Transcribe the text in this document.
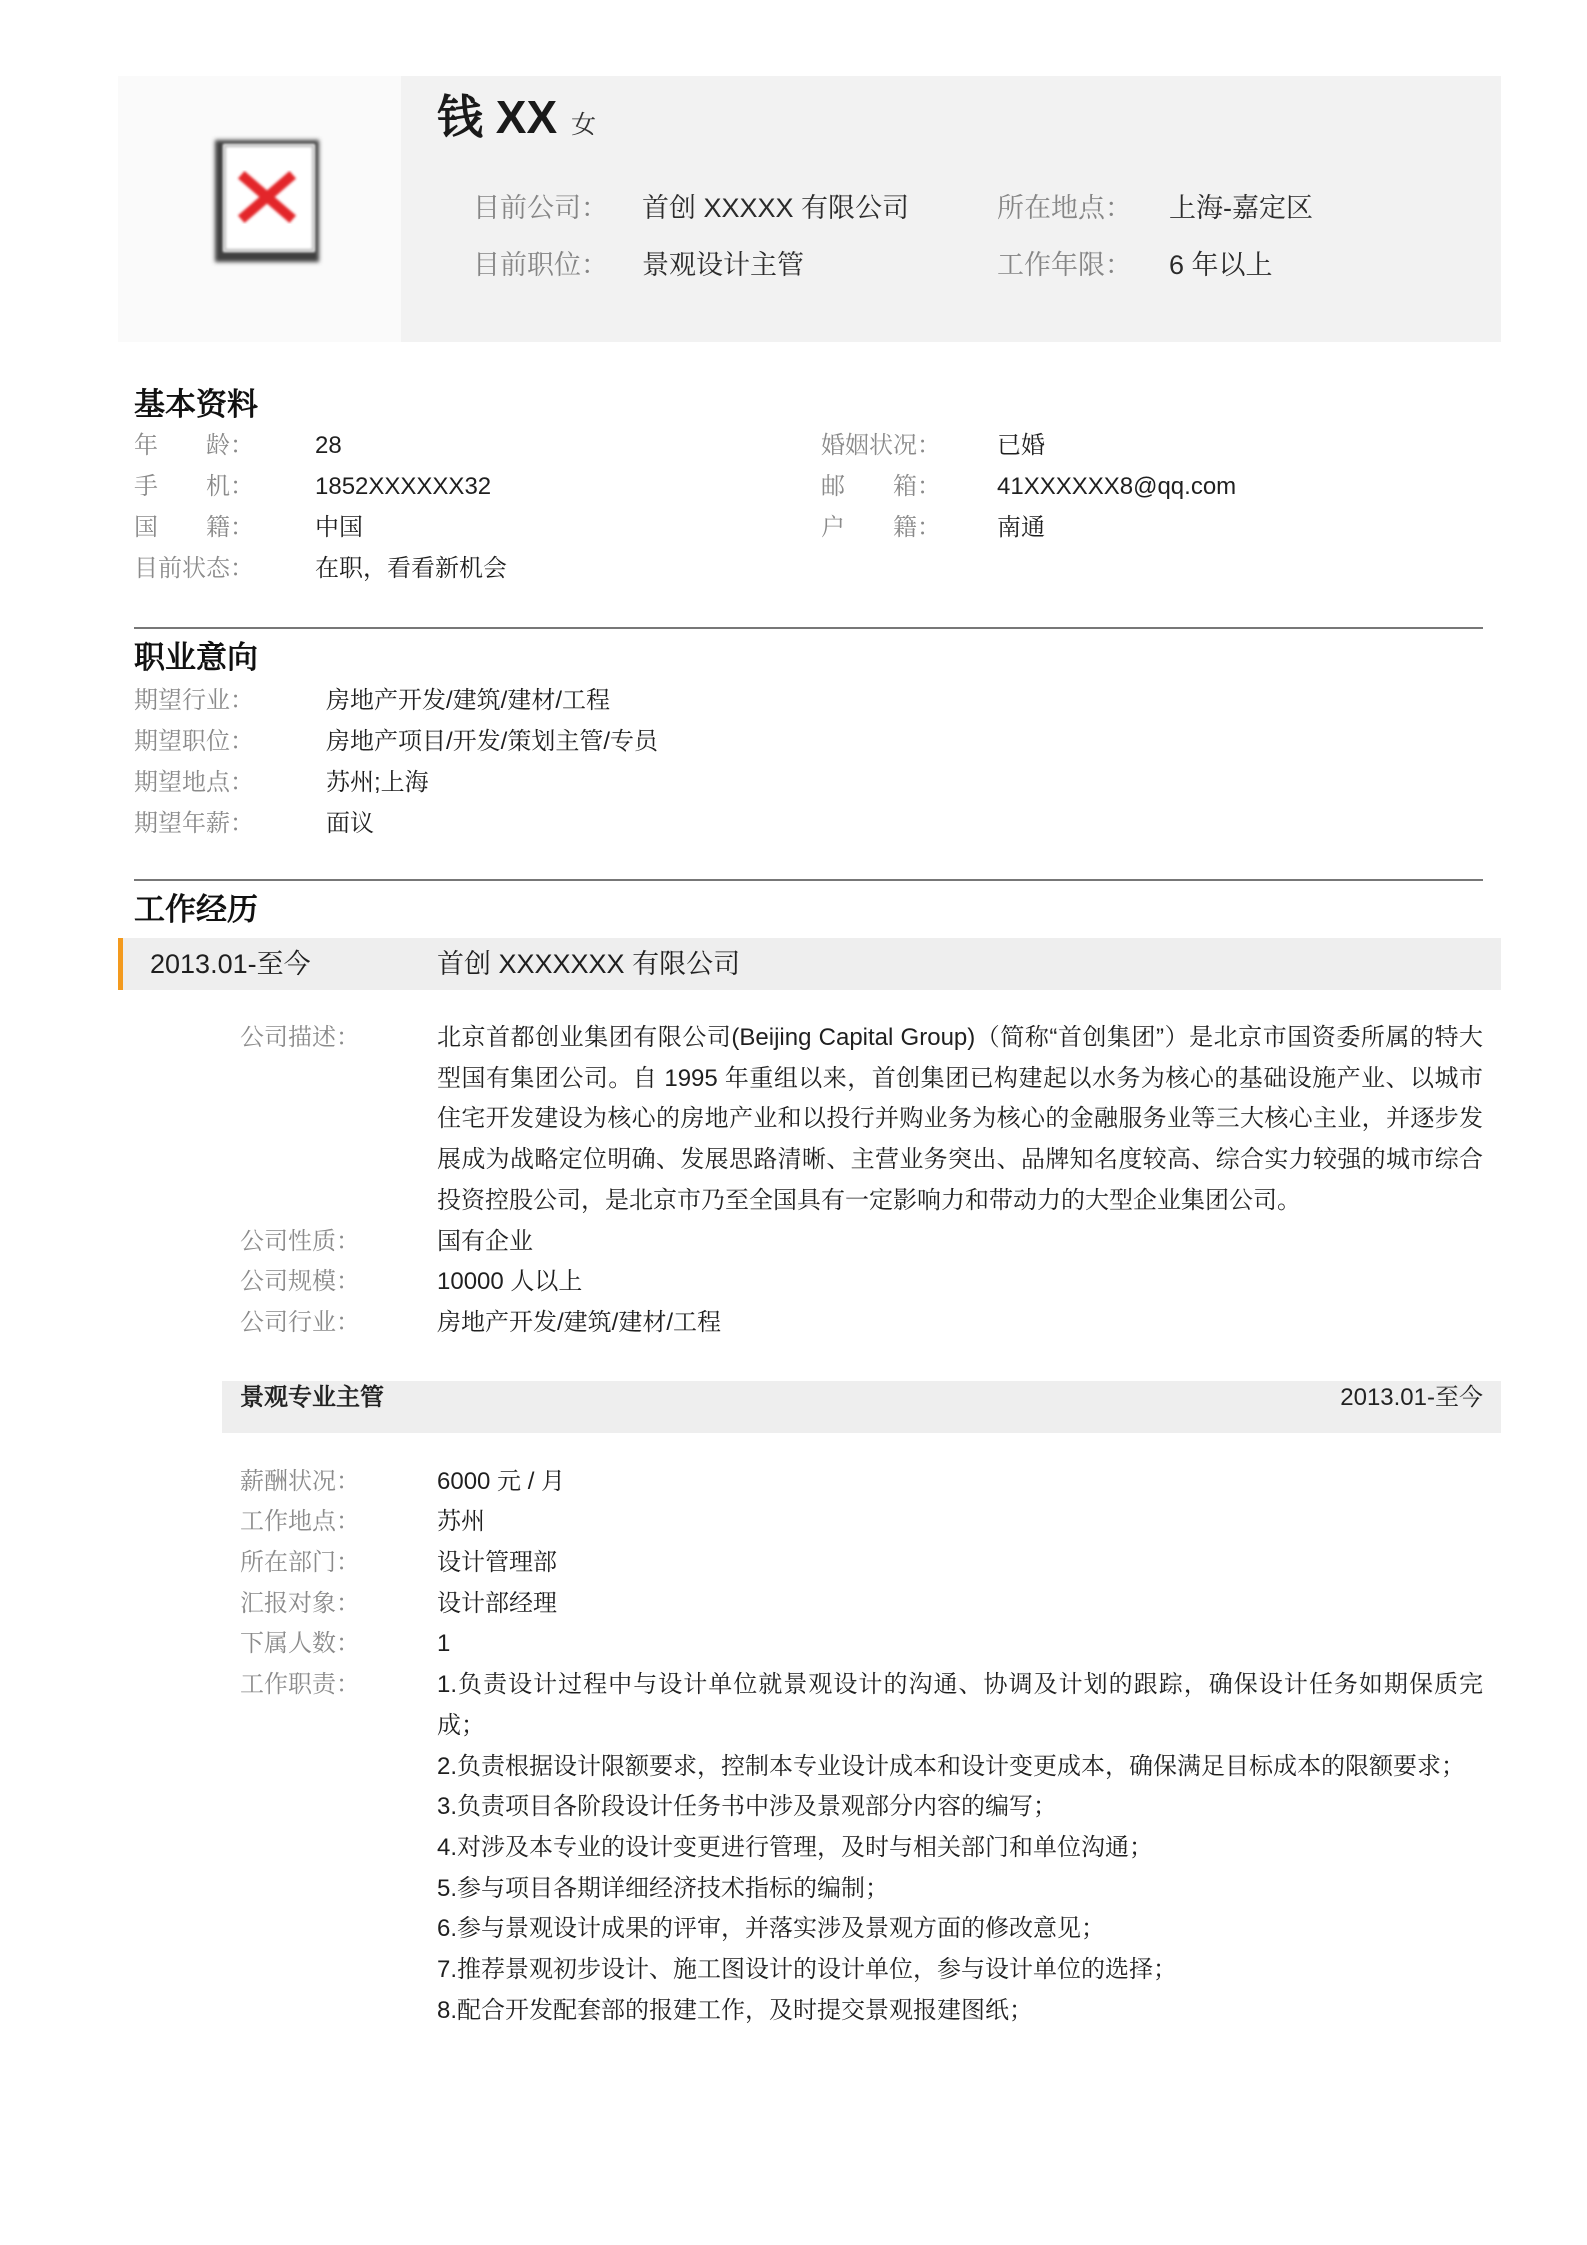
钱 XX 女
目前公司： 首创 XXXXX 有限公司	所在地点： 上海-嘉定区
目前职位： 景观设计主管	工作年限： 6 年以上
基本资料
年　　龄：	28	婚姻状况： 已婚
手　　机：	1852XXXXXX32	邮　　箱： 41XXXXXX8@qq.com
国　　籍：	中国	户　　籍： 南通
目前状态：	在职，看看新机会
职业意向
期望行业：	房地产开发/建筑/建材/工程
期望职位：	房地产项目/开发/策划主管/专员
期望地点：	苏州;上海
期望年薪：	面议
工作经历
2013.01-至今	首创 XXXXXXX 有限公司
公司描述：	北京首都创业集团有限公司(Beijing Capital Group)（简称“首创集团”）是北京市国资委所属的特大型国有集团公司。自 1995 年重组以来，首创集团已构建起以水务为核心的基础设施产业、以城市住宅开发建设为核心的房地产业和以投行并购业务为核心的金融服务业等三大核心主业，并逐步发展成为战略定位明确、发展思路清晰、主营业务突出、品牌知名度较高、综合实力较强的城市综合投资控股公司，是北京市乃至全国具有一定影响力和带动力的大型企业集团公司。
公司性质：	国有企业
公司规模：	10000 人以上
公司行业：	房地产开发/建筑/建材/工程
景观专业主管	2013.01-至今
薪酬状况：	6000 元 / 月
工作地点：	苏州
所在部门：	设计管理部
汇报对象：	设计部经理
下属人数：	1
工作职责：	1.负责设计过程中与设计单位就景观设计的沟通、协调及计划的跟踪，确保设计任务如期保质完成；
2.负责根据设计限额要求，控制本专业设计成本和设计变更成本，确保满足目标成本的限额要求；
3.负责项目各阶段设计任务书中涉及景观部分内容的编写；
4.对涉及本专业的设计变更进行管理，及时与相关部门和单位沟通；
5.参与项目各期详细经济技术指标的编制；
6.参与景观设计成果的评审，并落实涉及景观方面的修改意见；
7.推荐景观初步设计、施工图设计的设计单位，参与设计单位的选择；
8.配合开发配套部的报建工作，及时提交景观报建图纸；
